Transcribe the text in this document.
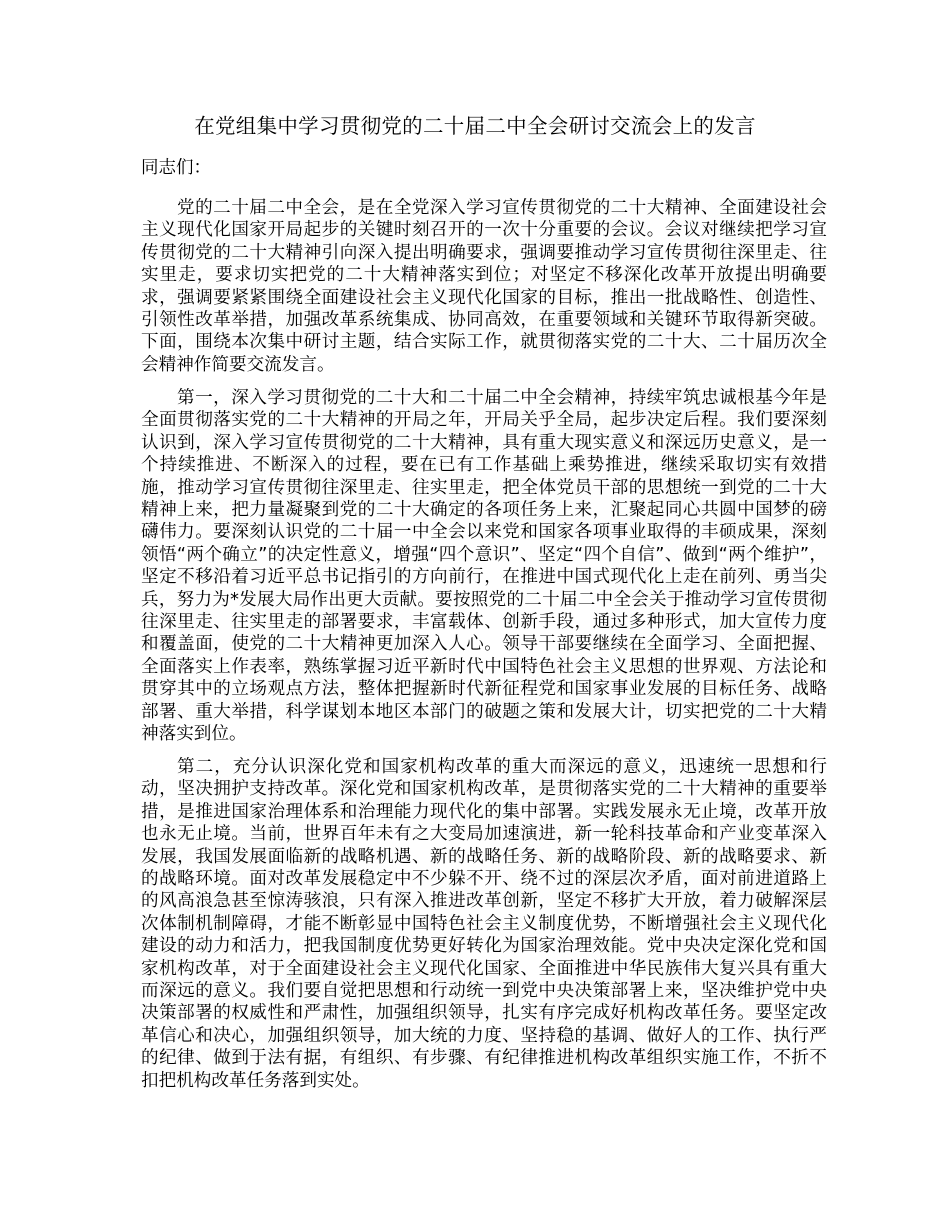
在党组集中学习贯彻党的二十届二中全会研讨交流会上的发言

同志们：

党的二十届二中全会，是在全党深入学习宣传贯彻党的二十大精神、全面建设社会主义现代化国家开局起步的关键时刻召开的一次十分重要的会议。会议对继续把学习宣传贯彻党的二十大精神引向深入提出明确要求，强调要推动学习宣传贯彻往深里走、往实里走，要求切实把党的二十大精神落实到位；对坚定不移深化改革开放提出明确要求，强调要紧紧围绕全面建设社会主义现代化国家的目标，推出一批战略性、创造性、引领性改革举措，加强改革系统集成、协同高效，在重要领域和关键环节取得新突破。下面，围绕本次集中研讨主题，结合实际工作，就贯彻落实党的二十大、二十届历次全会精神作简要交流发言。

第一，深入学习贯彻党的二十大和二十届二中全会精神，持续牢筑忠诚根基今年是全面贯彻落实党的二十大精神的开局之年，开局关乎全局，起步决定后程。我们要深刻认识到，深入学习宣传贯彻党的二十大精神，具有重大现实意义和深远历史意义，是一个持续推进、不断深入的过程，要在已有工作基础上乘势推进，继续采取切实有效措施，推动学习宣传贯彻往深里走、往实里走，把全体党员干部的思想统一到党的二十大精神上来，把力量凝聚到党的二十大确定的各项任务上来，汇聚起同心共圆中国梦的磅礴伟力。要深刻认识党的二十届一中全会以来党和国家各项事业取得的丰硕成果，深刻领悟“两个确立”的决定性意义，增强“四个意识”、坚定“四个自信”、做到“两个维护”，坚定不移沿着习近平总书记指引的方向前行，在推进中国式现代化上走在前列、勇当尖兵，努力为*发展大局作出更大贡献。要按照党的二十届二中全会关于推动学习宣传贯彻往深里走、往实里走的部署要求，丰富载体、创新手段，通过多种形式，加大宣传力度和覆盖面，使党的二十大精神更加深入人心。领导干部要继续在全面学习、全面把握、全面落实上作表率，熟练掌握习近平新时代中国特色社会主义思想的世界观、方法论和贯穿其中的立场观点方法，整体把握新时代新征程党和国家事业发展的目标任务、战略部署、重大举措，科学谋划本地区本部门的破题之策和发展大计，切实把党的二十大精神落实到位。

第二，充分认识深化党和国家机构改革的重大而深远的意义，迅速统一思想和行动，坚决拥护支持改革。深化党和国家机构改革，是贯彻落实党的二十大精神的重要举措，是推进国家治理体系和治理能力现代化的集中部署。实践发展永无止境，改革开放也永无止境。当前，世界百年未有之大变局加速演进，新一轮科技革命和产业变革深入发展，我国发展面临新的战略机遇、新的战略任务、新的战略阶段、新的战略要求、新的战略环境。面对改革发展稳定中不少躲不开、绕不过的深层次矛盾，面对前进道路上的风高浪急甚至惊涛骇浪，只有深入推进改革创新，坚定不移扩大开放，着力破解深层次体制机制障碍，才能不断彰显中国特色社会主义制度优势，不断增强社会主义现代化建设的动力和活力，把我国制度优势更好转化为国家治理效能。党中央决定深化党和国家机构改革，对于全面建设社会主义现代化国家、全面推进中华民族伟大复兴具有重大而深远的意义。我们要自觉把思想和行动统一到党中央决策部署上来，坚决维护党中央决策部署的权威性和严肃性，加强组织领导，扎实有序完成好机构改革任务。要坚定改革信心和决心，加强组织领导，加大统的力度、坚持稳的基调、做好人的工作、执行严的纪律、做到于法有据，有组织、有步骤、有纪律推进机构改革组织实施工作，不折不扣把机构改革任务落到实处。
